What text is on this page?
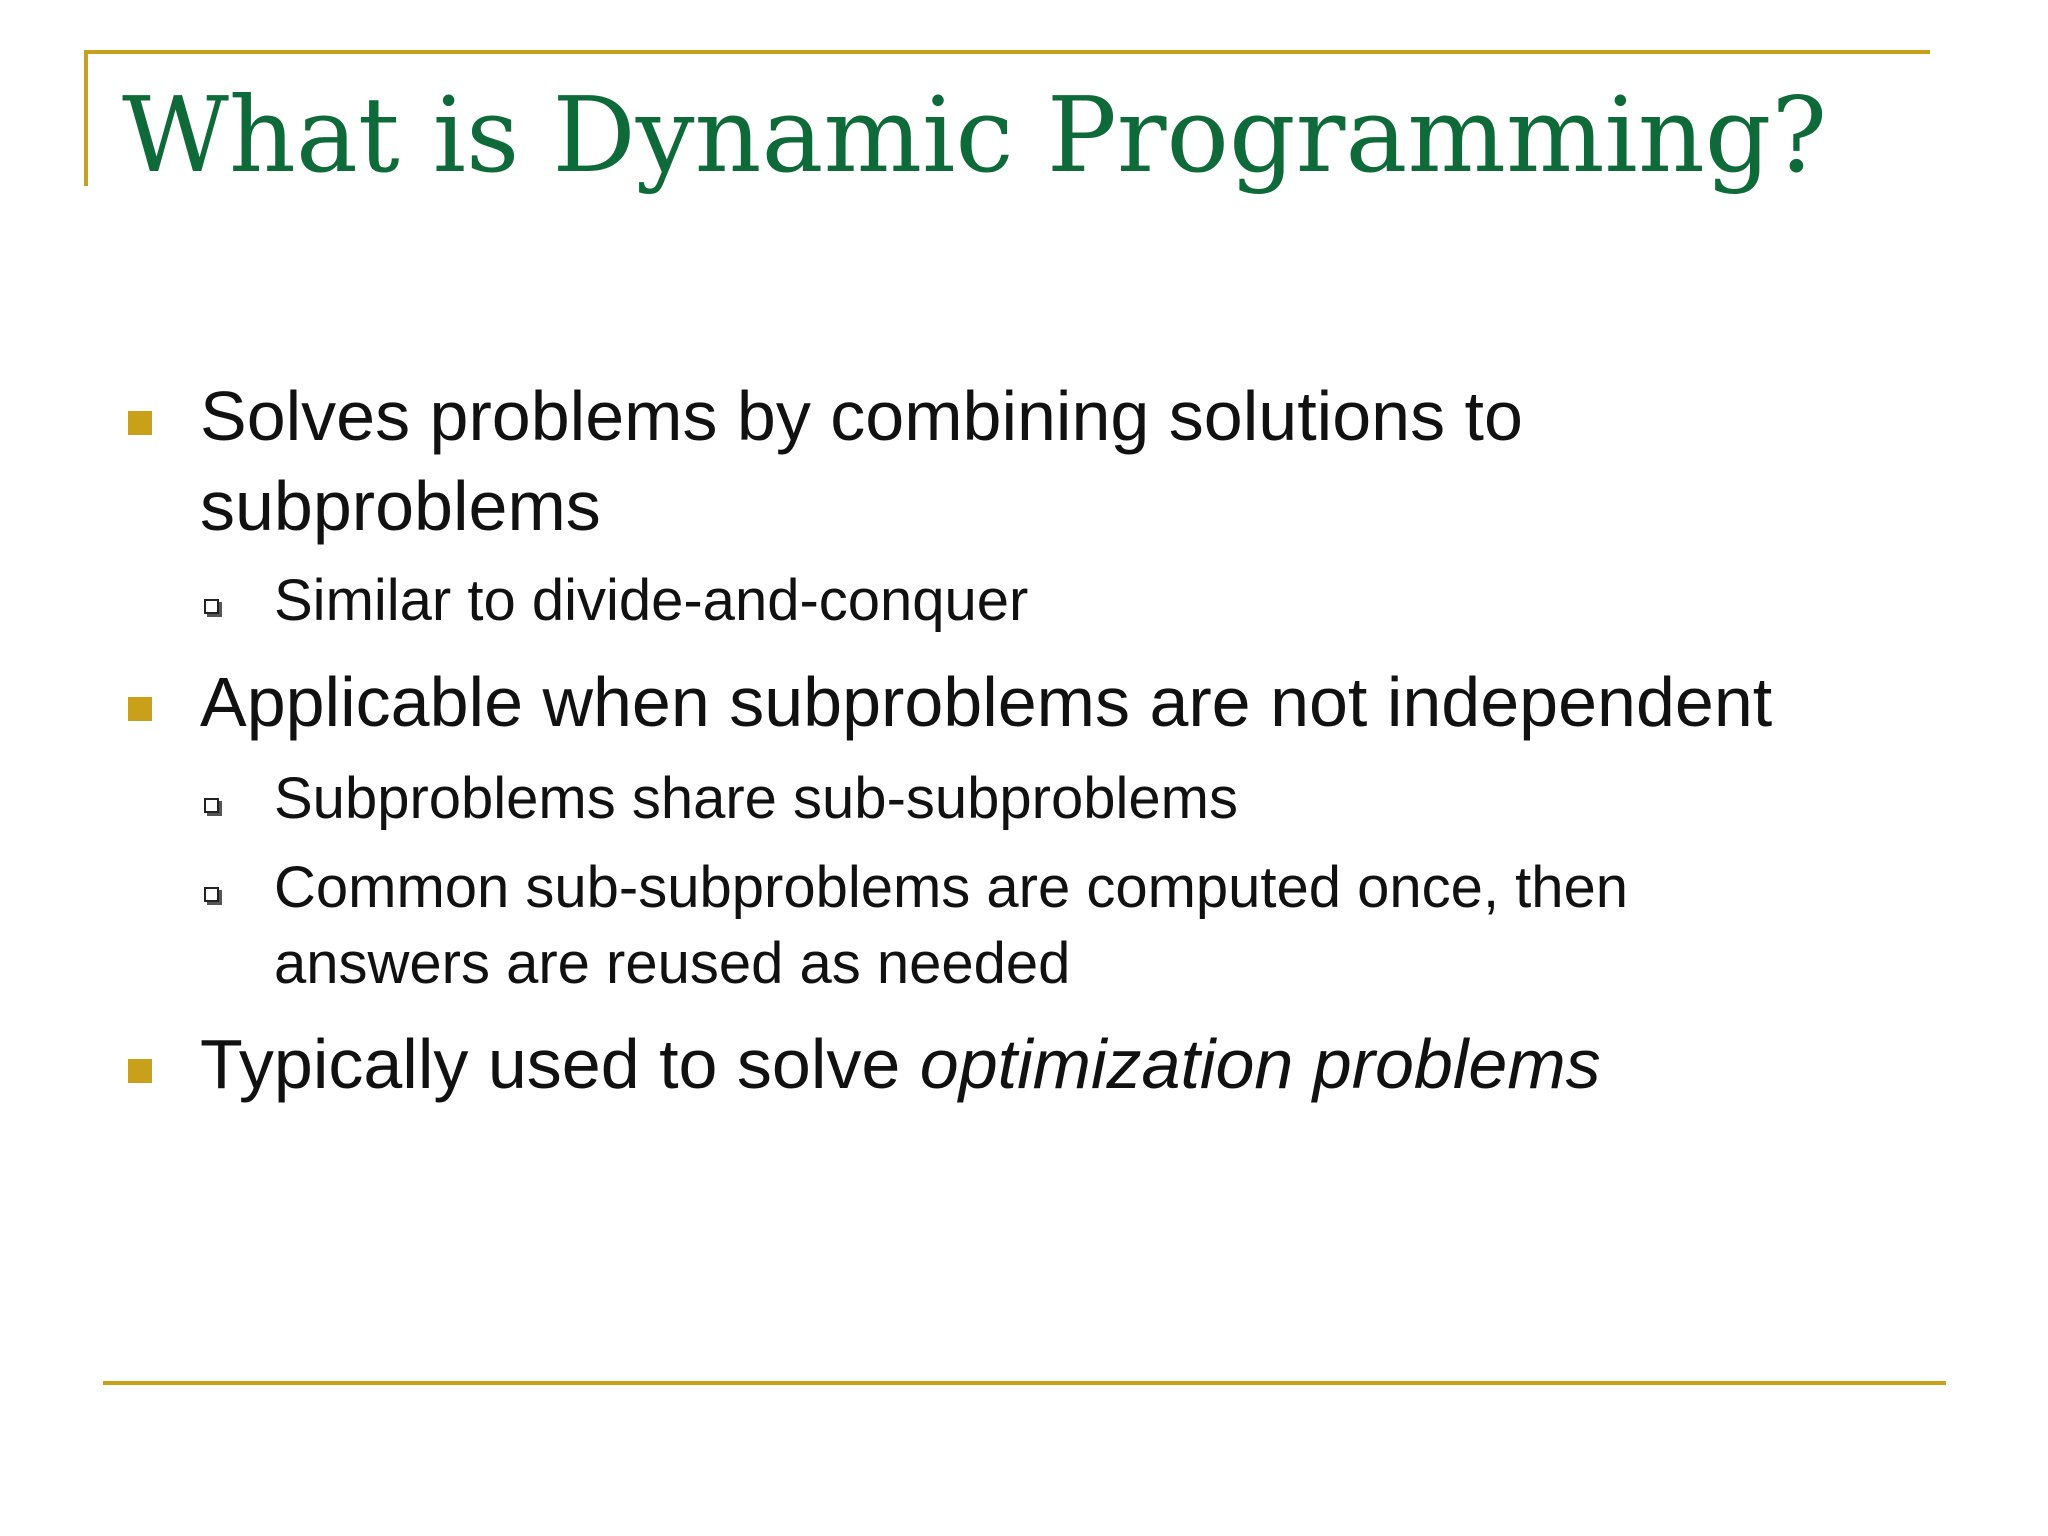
What is Dynamic Programming?
Solves problems by combining solutions to
subproblems
Similar to divide-and-conquer
Applicable when subproblems are not independent
Subproblems share sub-subproblems
Common sub-subproblems are computed once, then
answers are reused as needed
Typically used to solve optimization problems
